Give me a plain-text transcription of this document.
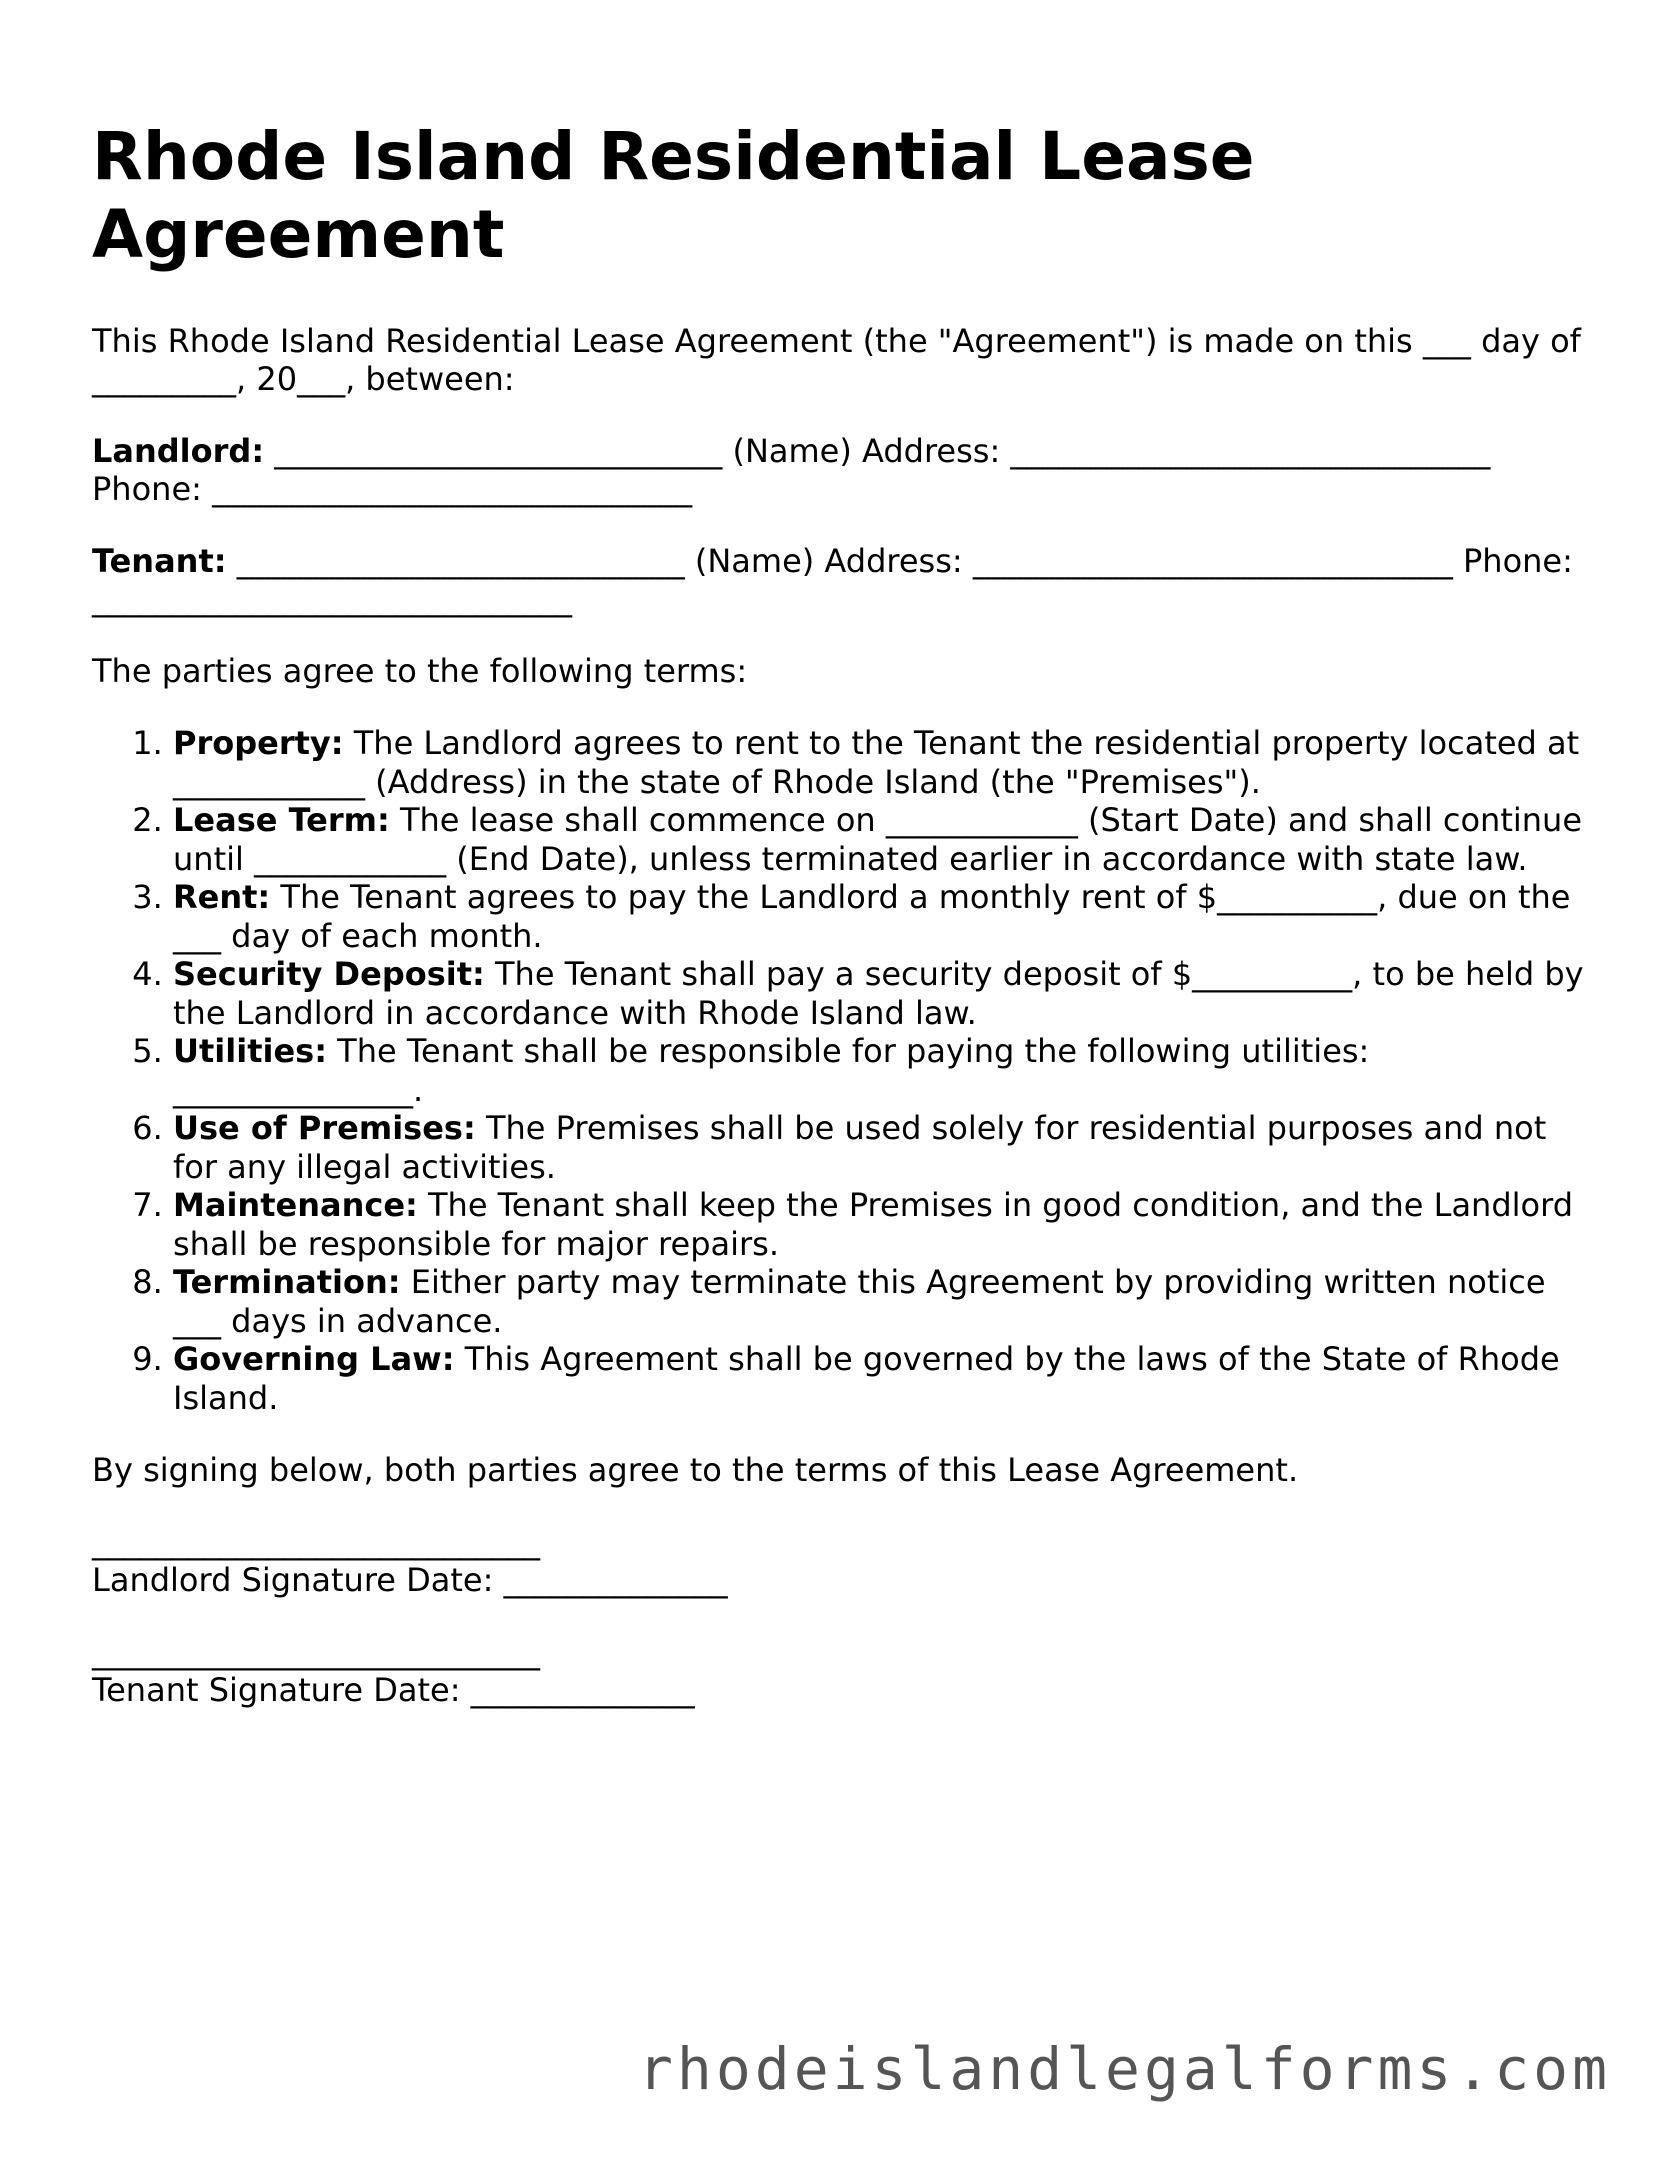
Rhode Island Residential Lease Agreement

This Rhode Island Residential Lease Agreement (the "Agreement") is made on this ___ day of _________, 20___, between:

Landlord: ____________________________ (Name) Address: ______________________________ Phone: ______________________________

Tenant: ____________________________ (Name) Address: ______________________________ Phone: ______________________________

The parties agree to the following terms:

1. Property: The Landlord agrees to rent to the Tenant the residential property located at ____________ (Address) in the state of Rhode Island (the "Premises").
2. Lease Term: The lease shall commence on ____________ (Start Date) and shall continue until ____________ (End Date), unless terminated earlier in accordance with state law.
3. Rent: The Tenant agrees to pay the Landlord a monthly rent of $__________, due on the ___ day of each month.
4. Security Deposit: The Tenant shall pay a security deposit of $__________, to be held by the Landlord in accordance with Rhode Island law.
5. Utilities: The Tenant shall be responsible for paying the following utilities: _______________.
6. Use of Premises: The Premises shall be used solely for residential purposes and not for any illegal activities.
7. Maintenance: The Tenant shall keep the Premises in good condition, and the Landlord shall be responsible for major repairs.
8. Termination: Either party may terminate this Agreement by providing written notice ___ days in advance.
9. Governing Law: This Agreement shall be governed by the laws of the State of Rhode Island.

By signing below, both parties agree to the terms of this Lease Agreement.

____________________________

Landlord Signature Date: ______________

____________________________

Tenant Signature Date: ______________

rhodeislandlegalforms.com
